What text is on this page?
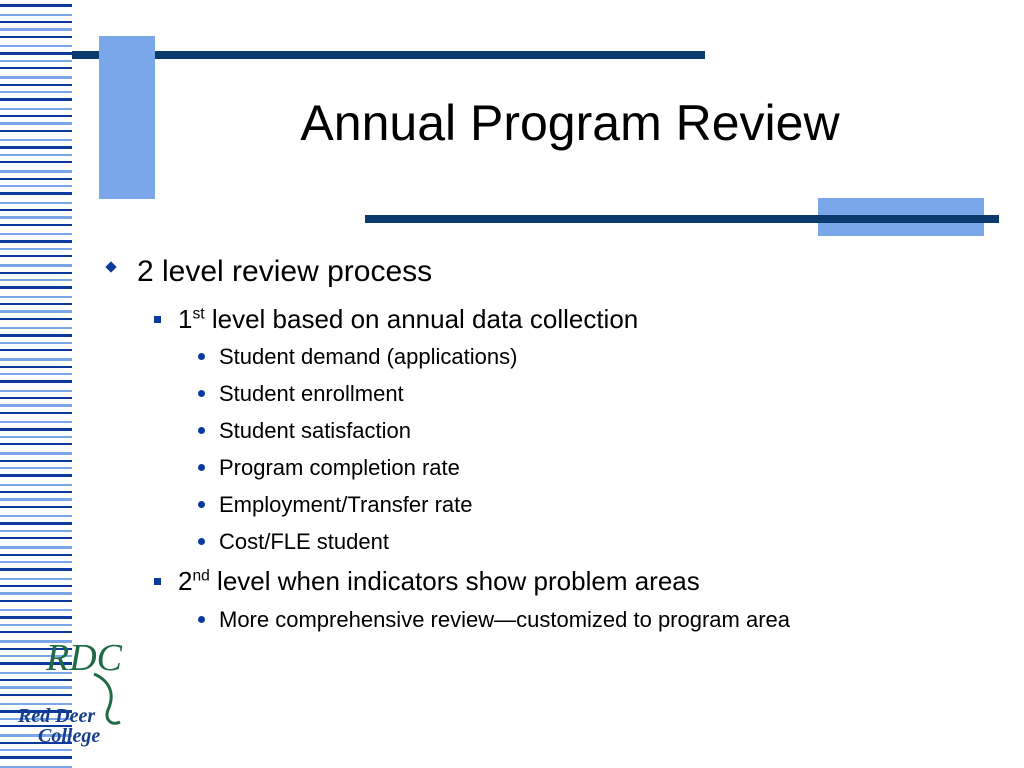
Annual Program Review
2 level review process
1st level based on annual data collection
Student demand (applications)
Student enrollment
Student satisfaction
Program completion rate
Employment/Transfer rate
Cost/FLE student
2nd level when indicators show problem areas
More comprehensive review—customized to program area
RDC
Red Deer
College
